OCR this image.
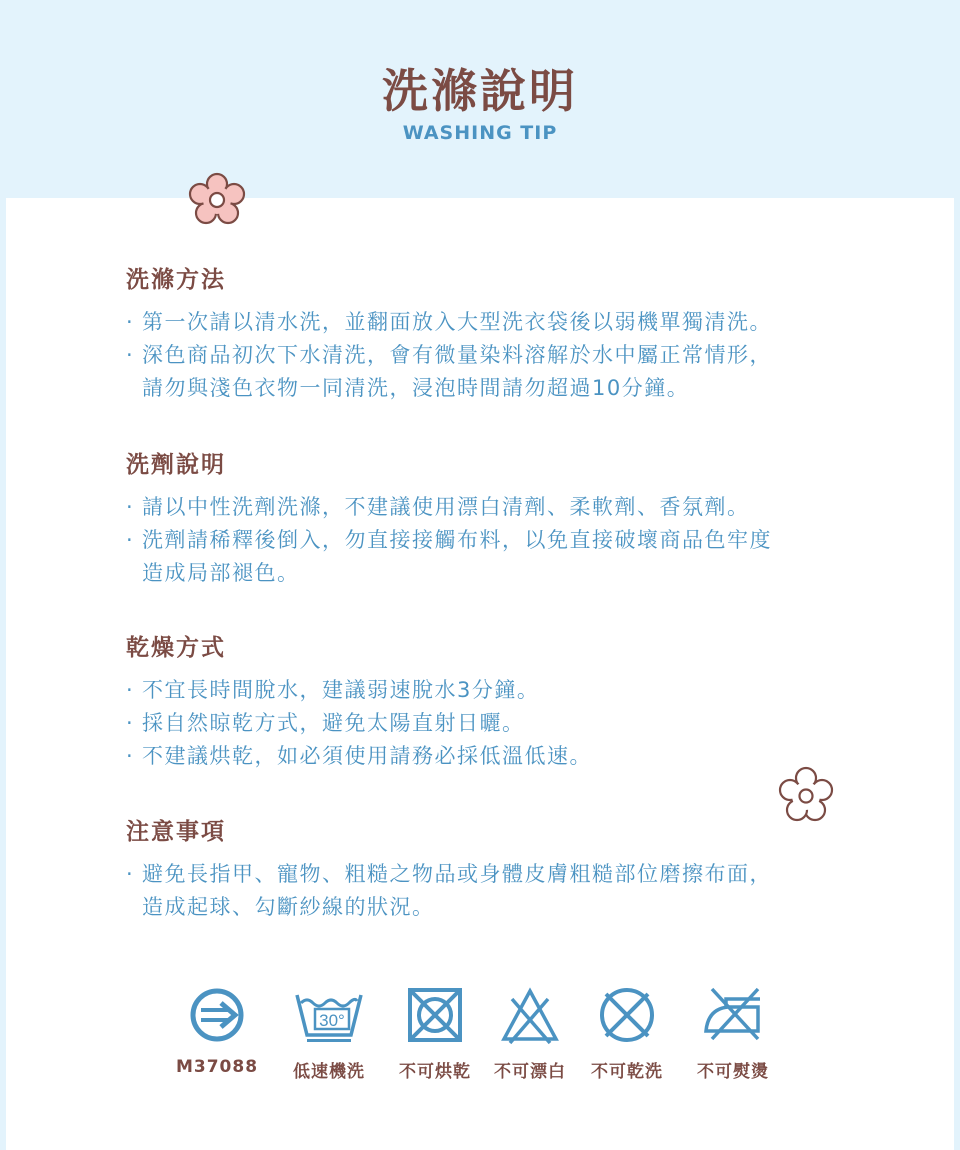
洗滌說明
WASHING TIP
洗滌方法
· 第一次請以清水洗，並翻面放入大型洗衣袋後以弱機單獨清洗。
· 深色商品初次下水清洗，會有微量染料溶解於水中屬正常情形，
請勿與淺色衣物一同清洗，浸泡時間請勿超過10分鐘。
洗劑說明
· 請以中性洗劑洗滌，不建議使用漂白清劑、柔軟劑、香氛劑。
· 洗劑請稀釋後倒入，勿直接接觸布料，以免直接破壞商品色牢度
造成局部褪色。
乾燥方式
· 不宜長時間脫水，建議弱速脫水3分鐘。
· 採自然晾乾方式，避免太陽直射日曬。
· 不建議烘乾，如必須使用請務必採低溫低速。
注意事項
· 避免長指甲、寵物、粗糙之物品或身體皮膚粗糙部位磨擦布面，
造成起球、勾斷紗線的狀況。
M37088
30°
低速機洗	不可烘乾	不可漂白	不可乾洗	不可熨燙
